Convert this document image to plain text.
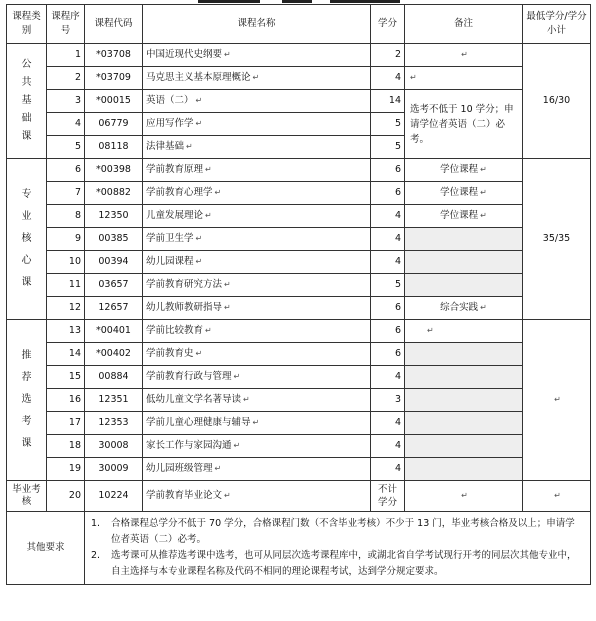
课程类别	课程序号	课程代码	课程名称	学分	备注	最低学分/学分小计
公共基础课	1	*03708	中国近现代史纲要 ↵	2	↵	16/30
	2	*03709	马克思主义基本原理概论 ↵	4	↵	
	3	*00015	英语（二） ↵	14	选考不低于 10 学分；申请学位者英语（二）必考。	
	4	06779	应用写作学 ↵	5		
	5	08118	法律基础 ↵	5		
专业核心课	6	*00398	学前教育原理 ↵	6	学位课程 ↵	35/35
	7	*00882	学前教育心理学 ↵	6	学位课程 ↵	
	8	12350	儿童发展理论 ↵	4	学位课程 ↵	
	9	00385	学前卫生学 ↵	4		
	10	00394	幼儿园课程 ↵	4		
	11	03657	学前教育研究方法 ↵	5		
	12	12657	幼儿教师教研指导 ↵	6	综合实践 ↵	
推荐选考课	13	*00401	学前比较教育 ↵	6	↵	↵
	14	*00402	学前教育史 ↵	6		
	15	00884	学前教育行政与管理 ↵	4		
	16	12351	低幼儿童文学名著导读 ↵	3		
	17	12353	学前儿童心理健康与辅导 ↵	4		
	18	30008	家长工作与家园沟通 ↵	4		
	19	30009	幼儿园班级管理 ↵	4		
毕业考核	20	10224	学前教育毕业论文 ↵	不计学分	↵	↵
其他要求		1. 合格课程总学分不低于 70 学分，合格课程门数（不含毕业考核）不少于 13 门，毕业考核合格及以上；申请学位者英语（二）必考。
2. 选考课可从推荐选考课中选考，也可从同层次选考课程库中，或湖北省自学考试现行开考的同层次其他专业中，自主选择与本专业课程名称及代码不相同的理论课程考试，达到学分规定要求。				
